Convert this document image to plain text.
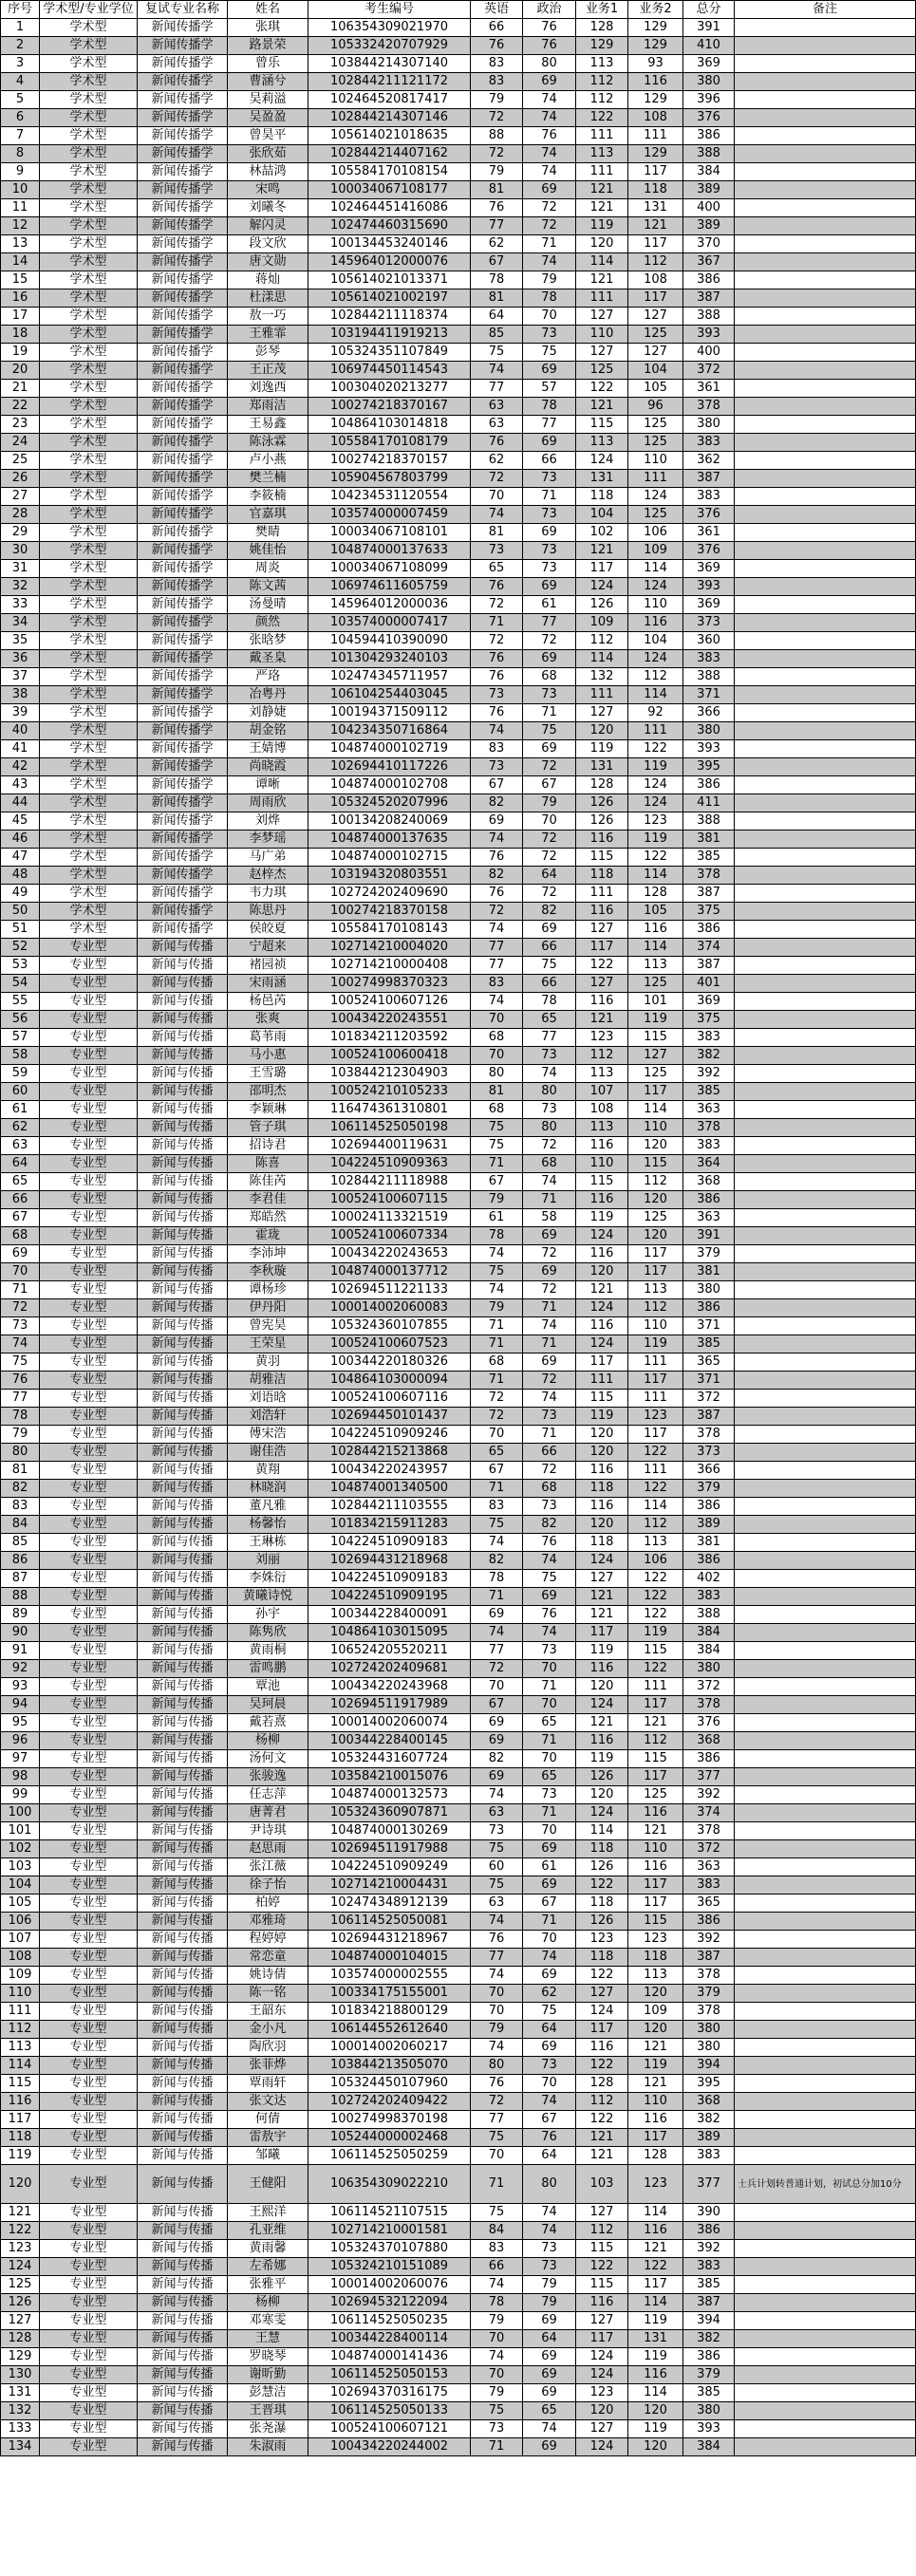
序号	学术型/专业学位	复试专业名称	姓名	考生编号	英语	政治	业务1	业务2	总分	备注
1	学术型	新闻传播学	张琪	106354309021970	66	76	128	129	391	
2	学术型	新闻传播学	路景荣	105332420707929	76	76	129	129	410	
3	学术型	新闻传播学	曾乐	103844214307140	83	80	113	93	369	
4	学术型	新闻传播学	曹涵兮	102844211121172	83	69	112	116	380	
5	学术型	新闻传播学	吴莉溢	102464520817417	79	74	112	129	396	
6	学术型	新闻传播学	吴盈盈	102844214307146	72	74	122	108	376	
7	学术型	新闻传播学	曾昊平	105614021018635	88	76	111	111	386	
8	学术型	新闻传播学	张欣茹	102844214407162	72	74	113	129	388	
9	学术型	新闻传播学	林喆鸿	105584170108154	79	74	111	117	384	
10	学术型	新闻传播学	宋鸣	100034067108177	81	69	121	118	389	
11	学术型	新闻传播学	刘曦冬	102464451416086	76	72	121	131	400	
12	学术型	新闻传播学	解闪灵	102474460315690	77	72	119	121	389	
13	学术型	新闻传播学	段文欣	100134453240146	62	71	120	117	370	
14	学术型	新闻传播学	唐文勋	145964012000076	67	74	114	112	367	
15	学术型	新闻传播学	蒋灿	105614021013371	78	79	121	108	386	
16	学术型	新闻传播学	杜漾思	105614021002197	81	78	111	117	387	
17	学术型	新闻传播学	敖一巧	102844211118374	64	70	127	127	388	
18	学术型	新闻传播学	王雅霏	103194411919213	85	73	110	125	393	
19	学术型	新闻传播学	彭琴	105324351107849	75	75	127	127	400	
20	学术型	新闻传播学	王正茂	106974450114543	74	69	125	104	372	
21	学术型	新闻传播学	刘逸西	100304020213277	77	57	122	105	361	
22	学术型	新闻传播学	郑雨洁	100274218370167	63	78	121	96	378	
23	学术型	新闻传播学	王易鑫	104864103014818	63	77	115	125	380	
24	学术型	新闻传播学	陈泳霖	105584170108179	76	69	113	125	383	
25	学术型	新闻传播学	卢小燕	100274218370157	62	66	124	110	362	
26	学术型	新闻传播学	樊兰楠	105904567803799	72	73	131	111	387	
27	学术型	新闻传播学	李筱楠	104234531120554	70	71	118	124	383	
28	学术型	新闻传播学	官嘉琪	103574000007459	74	73	104	125	376	
29	学术型	新闻传播学	樊睛	100034067108101	81	69	102	106	361	
30	学术型	新闻传播学	姚佳怡	104874000137633	73	73	121	109	376	
31	学术型	新闻传播学	周炎	100034067108099	65	73	117	114	369	
32	学术型	新闻传播学	陈文茜	106974611605759	76	69	124	124	393	
33	学术型	新闻传播学	汤曼晴	145964012000036	72	61	126	110	369	
34	学术型	新闻传播学	颜然	103574000007417	71	77	109	116	373	
35	学术型	新闻传播学	张晗梦	104594410390090	72	72	112	104	360	
36	学术型	新闻传播学	戴圣臬	101304293240103	76	69	114	124	383	
37	学术型	新闻传播学	严珞	102474345711957	76	68	132	112	388	
38	学术型	新闻传播学	冶粤丹	106104254403045	73	73	111	114	371	
39	学术型	新闻传播学	刘静婕	100194371509112	76	71	127	92	366	
40	学术型	新闻传播学	胡金铭	104234350716864	74	75	120	111	380	
41	学术型	新闻传播学	王婧博	104874000102719	83	69	119	122	393	
42	学术型	新闻传播学	尚晓霞	102694410117226	73	72	131	119	395	
43	学术型	新闻传播学	谭晰	104874000102708	67	67	128	124	386	
44	学术型	新闻传播学	周雨欣	105324520207996	82	79	126	124	411	
45	学术型	新闻传播学	刘烨	100134208240069	69	70	126	123	388	
46	学术型	新闻传播学	李梦瑶	104874000137635	74	72	116	119	381	
47	学术型	新闻传播学	马广弟	104874000102715	76	72	115	122	385	
48	学术型	新闻传播学	赵梓杰	103194320803551	82	64	118	114	378	
49	学术型	新闻传播学	韦力琪	102724202409690	76	72	111	128	387	
50	学术型	新闻传播学	陈思丹	100274218370158	72	82	116	105	375	
51	学术型	新闻传播学	侯皎夏	105584170108143	74	69	127	116	386	
52	专业型	新闻与传播	宁超来	102714210004020	77	66	117	114	374	
53	专业型	新闻与传播	褚园祯	102714210000408	77	75	122	113	387	
54	专业型	新闻与传播	宋雨涵	100274998370323	83	66	127	125	401	
55	专业型	新闻与传播	杨邑芮	100524100607126	74	78	116	101	369	
56	专业型	新闻与传播	张爽	100434220243551	70	65	121	119	375	
57	专业型	新闻与传播	葛苇雨	101834211203592	68	77	123	115	383	
58	专业型	新闻与传播	马小惠	100524100600418	70	73	112	127	382	
59	专业型	新闻与传播	王雪璐	103844212304903	80	74	113	125	392	
60	专业型	新闻与传播	邵明杰	100524210105233	81	80	107	117	385	
61	专业型	新闻与传播	李颖琳	116474361310801	68	73	108	114	363	
62	专业型	新闻与传播	管子琪	106114525050198	75	80	113	110	378	
63	专业型	新闻与传播	招诗君	102694400119631	75	72	116	120	383	
64	专业型	新闻与传播	陈喜	104224510909363	71	68	110	115	364	
65	专业型	新闻与传播	陈佳芮	102844211118988	67	74	115	112	368	
66	专业型	新闻与传播	李君佳	100524100607115	79	71	116	120	386	
67	专业型	新闻与传播	郑皓然	100024113321519	61	58	119	125	363	
68	专业型	新闻与传播	霍珑	100524100607334	78	69	124	120	391	
69	专业型	新闻与传播	李沛坤	100434220243653	74	72	116	117	379	
70	专业型	新闻与传播	李秋璇	104874000137712	75	69	120	117	381	
71	专业型	新闻与传播	谭杨珍	102694511221133	74	72	121	113	380	
72	专业型	新闻与传播	伊丹阳	100014002060083	79	71	124	112	386	
73	专业型	新闻与传播	曾宪昊	105324360107855	71	74	116	110	371	
74	专业型	新闻与传播	王荣星	100524100607523	71	71	124	119	385	
75	专业型	新闻与传播	黄羽	100344220180326	68	69	117	111	365	
76	专业型	新闻与传播	胡雅洁	104864103000094	71	72	111	117	371	
77	专业型	新闻与传播	刘语晗	100524100607116	72	74	115	111	372	
78	专业型	新闻与传播	刘浩轩	102694450101437	72	73	119	123	387	
79	专业型	新闻与传播	傅宋浩	104224510909246	70	71	120	117	378	
80	专业型	新闻与传播	谢佳浩	102844215213868	65	66	120	122	373	
81	专业型	新闻与传播	黄翔	100434220243957	67	72	116	111	366	
82	专业型	新闻与传播	林晓润	104874001340500	71	68	118	122	379	
83	专业型	新闻与传播	董凡雅	102844211103555	83	73	116	114	386	
84	专业型	新闻与传播	杨馨怡	101834215911283	75	82	120	112	389	
85	专业型	新闻与传播	王琳栋	104224510909183	74	76	118	113	381	
86	专业型	新闻与传播	刘丽	102694431218968	82	74	124	106	386	
87	专业型	新闻与传播	李姝衍	104224510909183	78	75	127	122	402	
88	专业型	新闻与传播	黄曦诗悦	104224510909195	71	69	121	122	383	
89	专业型	新闻与传播	孙宇	100344228400091	69	76	121	122	388	
90	专业型	新闻与传播	陈隽欣	104864103015095	74	74	117	119	384	
91	专业型	新闻与传播	黄雨桐	106524205520211	77	73	119	115	384	
92	专业型	新闻与传播	雷鸣鹏	102724202409681	72	70	116	122	380	
93	专业型	新闻与传播	覃池	100434220243968	70	71	120	111	372	
94	专业型	新闻与传播	吴珂晨	102694511917989	67	70	124	117	378	
95	专业型	新闻与传播	戴若熹	100014002060074	69	65	121	121	376	
96	专业型	新闻与传播	杨柳	100344228400145	69	71	116	112	368	
97	专业型	新闻与传播	汤何文	105324431607724	82	70	119	115	386	
98	专业型	新闻与传播	张骏逸	103584210015076	69	65	126	117	377	
99	专业型	新闻与传播	任志萍	104874000132573	74	73	120	125	392	
100	专业型	新闻与传播	唐菁君	105324360907871	63	71	124	116	374	
101	专业型	新闻与传播	尹诗琪	104874000130269	73	70	114	121	378	
102	专业型	新闻与传播	赵思雨	102694511917988	75	69	118	110	372	
103	专业型	新闻与传播	张江薇	104224510909249	60	61	126	116	363	
104	专业型	新闻与传播	徐子怡	102714210004431	75	69	122	117	383	
105	专业型	新闻与传播	柏婷	102474348912139	63	67	118	117	365	
106	专业型	新闻与传播	邓雅琦	106114525050081	74	71	126	115	386	
107	专业型	新闻与传播	程婷婷	102694431218967	76	70	123	123	392	
108	专业型	新闻与传播	常恋童	104874000104015	77	74	118	118	387	
109	专业型	新闻与传播	姚诗倩	103574000002555	74	69	122	113	378	
110	专业型	新闻与传播	陈一铭	100334175155001	70	62	127	120	379	
111	专业型	新闻与传播	王韶东	101834218800129	70	75	124	109	378	
112	专业型	新闻与传播	金小凡	106144552612640	79	64	117	120	380	
113	专业型	新闻与传播	陶欣羽	100014002060217	74	69	116	121	380	
114	专业型	新闻与传播	张菲烨	103844213505070	80	73	122	119	394	
115	专业型	新闻与传播	覃雨轩	105324450107960	76	70	128	121	395	
116	专业型	新闻与传播	张文达	102724202409422	72	74	112	110	368	
117	专业型	新闻与传播	何倩	100274998370198	77	67	122	116	382	
118	专业型	新闻与传播	雷敖宇	105244000002468	75	76	121	117	389	
119	专业型	新闻与传播	邹曦	106114525050259	70	64	121	128	383	
120	专业型	新闻与传播	王健阳	106354309022210	71	80	103	123	377	士兵计划转普通计划，初试总分加10分
121	专业型	新闻与传播	王熙洋	106114521107515	75	74	127	114	390	
122	专业型	新闻与传播	孔亚维	102714210001581	84	74	112	116	386	
123	专业型	新闻与传播	黄雨馨	105324370107880	83	73	115	121	392	
124	专业型	新闻与传播	左希娜	105324210151089	66	73	122	122	383	
125	专业型	新闻与传播	张雅平	100014002060076	74	79	115	117	385	
126	专业型	新闻与传播	杨柳	102694532122094	78	79	116	114	387	
127	专业型	新闻与传播	邓寒雯	106114525050235	79	69	127	119	394	
128	专业型	新闻与传播	王慧	100344228400114	70	64	117	131	382	
129	专业型	新闻与传播	罗晓琴	104874000141436	74	69	124	119	386	
130	专业型	新闻与传播	谢昕勤	106114525050153	70	69	124	116	379	
131	专业型	新闻与传播	彭慧洁	102694370316175	79	69	123	114	385	
132	专业型	新闻与传播	王晋琪	106114525050133	75	65	120	120	380	
133	专业型	新闻与传播	张尧瀑	100524100607121	73	74	127	119	393	
134	专业型	新闻与传播	朱淑雨	100434220244002	71	69	124	120	384	
